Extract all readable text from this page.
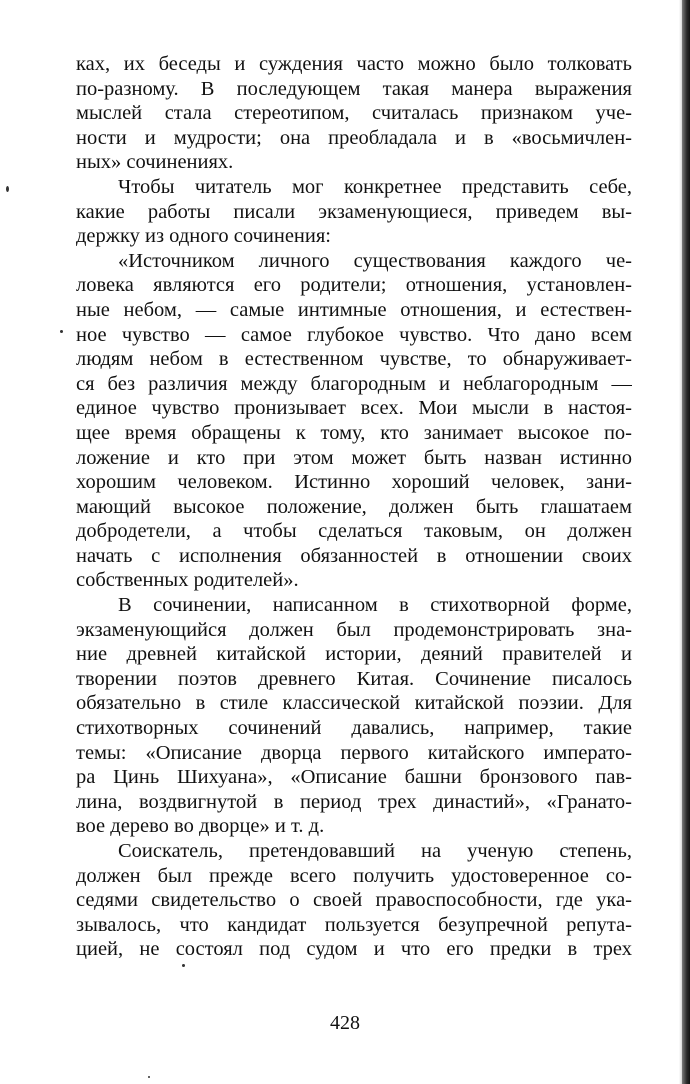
ках, их беседы и суждения часто можно было толковать
по-разному. В последующем такая манера выражения
мыслей стала стереотипом, считалась признаком уче-
ности и мудрости; она преобладала и в «восьмичлен-
ных» сочинениях.
Чтобы читатель мог конкретнее представить себе,
какие работы писали экзаменующиеся, приведем вы-
держку из одного сочинения:
«Источником личного существования каждого че-
ловека являются его родители; отношения, установлен-
ные небом, — самые интимные отношения, и естествен-
ное чувство — самое глубокое чувство. Что дано всем
людям небом в естественном чувстве, то обнаруживает-
ся без различия между благородным и неблагородным —
единое чувство пронизывает всех. Мои мысли в настоя-
щее время обращены к тому, кто занимает высокое по-
ложение и кто при этом может быть назван истинно
хорошим человеком. Истинно хороший человек, зани-
мающий высокое положение, должен быть глашатаем
добродетели, а чтобы сделаться таковым, он должен
начать с исполнения обязанностей в отношении своих
собственных родителей».
В сочинении, написанном в стихотворной форме,
экзаменующийся должен был продемонстрировать зна-
ние древней китайской истории, деяний правителей и
творении поэтов древнего Китая. Сочинение писалось
обязательно в стиле классической китайской поэзии. Для
стихотворных сочинений давались, например, такие
темы: «Описание дворца первого китайского императо-
ра Цинь Шихуана», «Описание башни бронзового пав-
лина, воздвигнутой в период трех династий», «Гранато-
вое дерево во дворце» и т. д.
Соискатель, претендовавший на ученую степень,
должен был прежде всего получить удостоверенное со-
седями свидетельство о своей правоспособности, где ука-
зывалось, что кандидат пользуется безупречной репута-
цией, не состоял под судом и что его предки в трех
428
